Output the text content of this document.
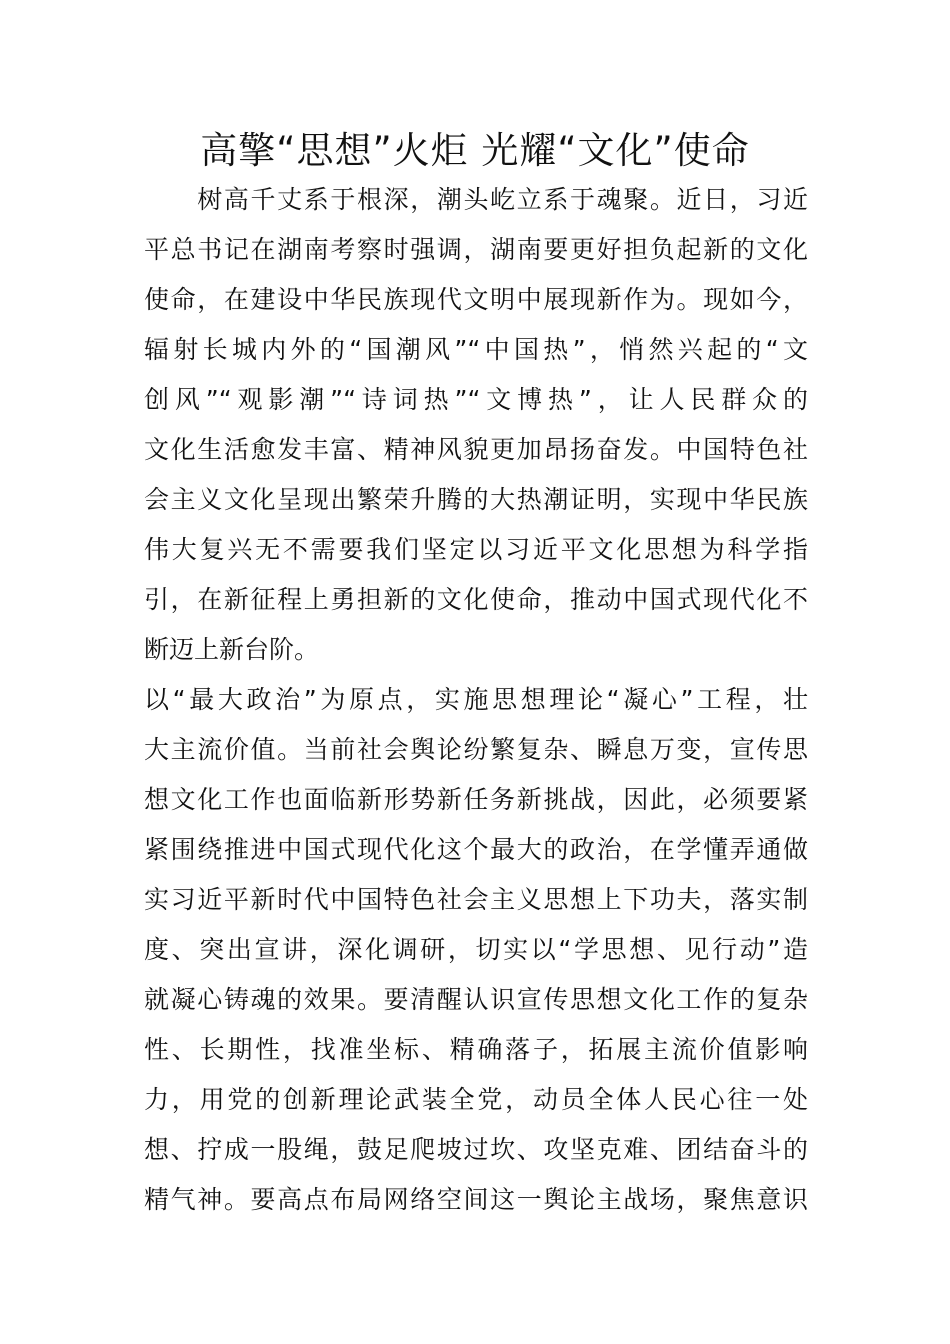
高擎“思想”火炬 光耀“文化”使命
　　树高千丈系于根深，潮头屹立系于魂聚。近日，习近
平总书记在湖南考察时强调，湖南要更好担负起新的文化
使命，在建设中华民族现代文明中展现新作为。现如今，
辐射长城内外的“国潮风”“中国热”，悄然兴起的“文
创风”“观影潮”“诗词热”“文博热”，让人民群众的
文化生活愈发丰富、精神风貌更加昂扬奋发。中国特色社
会主义文化呈现出繁荣升腾的大热潮证明，实现中华民族
伟大复兴无不需要我们坚定以习近平文化思想为科学指
引，在新征程上勇担新的文化使命，推动中国式现代化不
断迈上新台阶。
以“最大政治”为原点，实施思想理论“凝心”工程，壮
大主流价值。当前社会舆论纷繁复杂、瞬息万变，宣传思
想文化工作也面临新形势新任务新挑战，因此，必须要紧
紧围绕推进中国式现代化这个最大的政治，在学懂弄通做
实习近平新时代中国特色社会主义思想上下功夫，落实制
度、突出宣讲，深化调研，切实以“学思想、见行动”造
就凝心铸魂的效果。要清醒认识宣传思想文化工作的复杂
性、长期性，找准坐标、精确落子，拓展主流价值影响
力，用党的创新理论武装全党，动员全体人民心往一处
想、拧成一股绳，鼓足爬坡过坎、攻坚克难、团结奋斗的
精气神。要高点布局网络空间这一舆论主战场，聚焦意识
